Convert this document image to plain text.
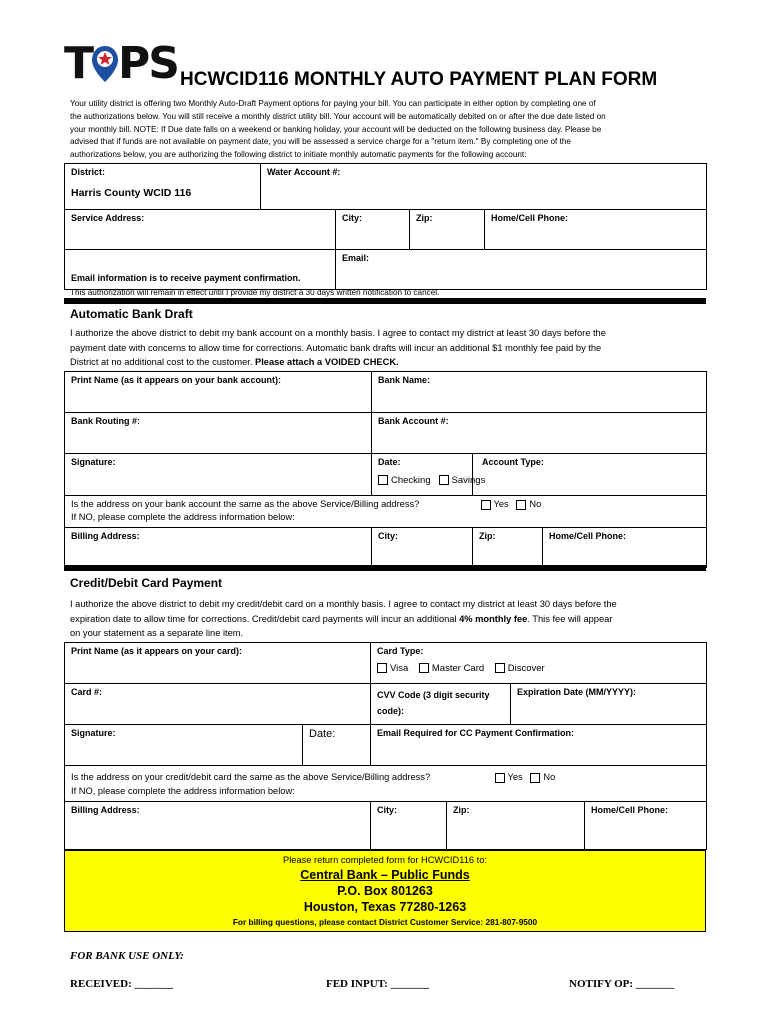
T PS HCWCID116 MONTHLY AUTO PAYMENT PLAN FORM
Your utility district is offering two Monthly Auto-Draft Payment options for paying your bill. You can participate in either option by completing one of
the authorizations below. You will still receive a monthly district utility bill. Your account will be automatically debited on or after the due date listed on
your monthly bill. NOTE: If Due date falls on a weekend or banking holiday, your account will be deducted on the following business day. Please be
advised that if funds are not available on payment date, you will be assessed a service charge for a "return item." By completing one of the
authorizations below, you are authorizing the following district to initiate monthly automatic payments for the following account:
District:
Harris County WCID 116	Water Account #:			
Service Address:		City:	Zip:	Home/Cell Phone:
Email information is to receive payment confirmation.		Email:		
This authorization will remain in effect until I provide my district a 30 days written notification to cancel.
Automatic Bank Draft
I authorize the above district to debit my bank account on a monthly basis. I agree to contact my district at least 30 days before the
payment date with concerns to allow time for corrections. Automatic bank drafts will incur an additional $1 monthly fee paid by the
District at no additional cost to the customer. Please attach a VOIDED CHECK.
Print Name (as it appears on your bank account):	Bank Name:		
Bank Routing #:	Bank Account #:		
Signature:	Date:	Account Type:
Checking Savings	

Is the address on your bank account the same as the above Service/Billing address? Yes No
If NO, please complete the address information below:			

Billing Address:	City:	Zip:	Home/Cell Phone:
Credit/Debit Card Payment
I authorize the above district to debit my credit/debit card on a monthly basis. I agree to contact my district at least 30 days before the
expiration date to allow time for corrections. Credit/debit card payments will incur an additional 4% monthly fee. This fee will appear
on your statement as a separate line item.
Print Name (as it appears on your card):		Card Type:
Visa Master Card Discover			

Card #:		CVV Code (3 digit security code):		Expiration Date (MM/YYYY):	
Signature:	Date:	Email Required for CC Payment Confirmation:			

Is the address on your credit/debit card the same as the above Service/Billing address? Yes No
If NO, please complete the address information below:					

Billing Address:		City:	Zip:		Home/Cell Phone:
Please return completed form for HCWCID116 to:
Central Bank – Public Funds
P.O. Box 801263
Houston, Texas 77280-1263
For billing questions, please contact District Customer Service: 281-807-9500
FOR BANK USE ONLY:
RECEIVED: _______	FED INPUT: _______	NOTIFY OP: _______
